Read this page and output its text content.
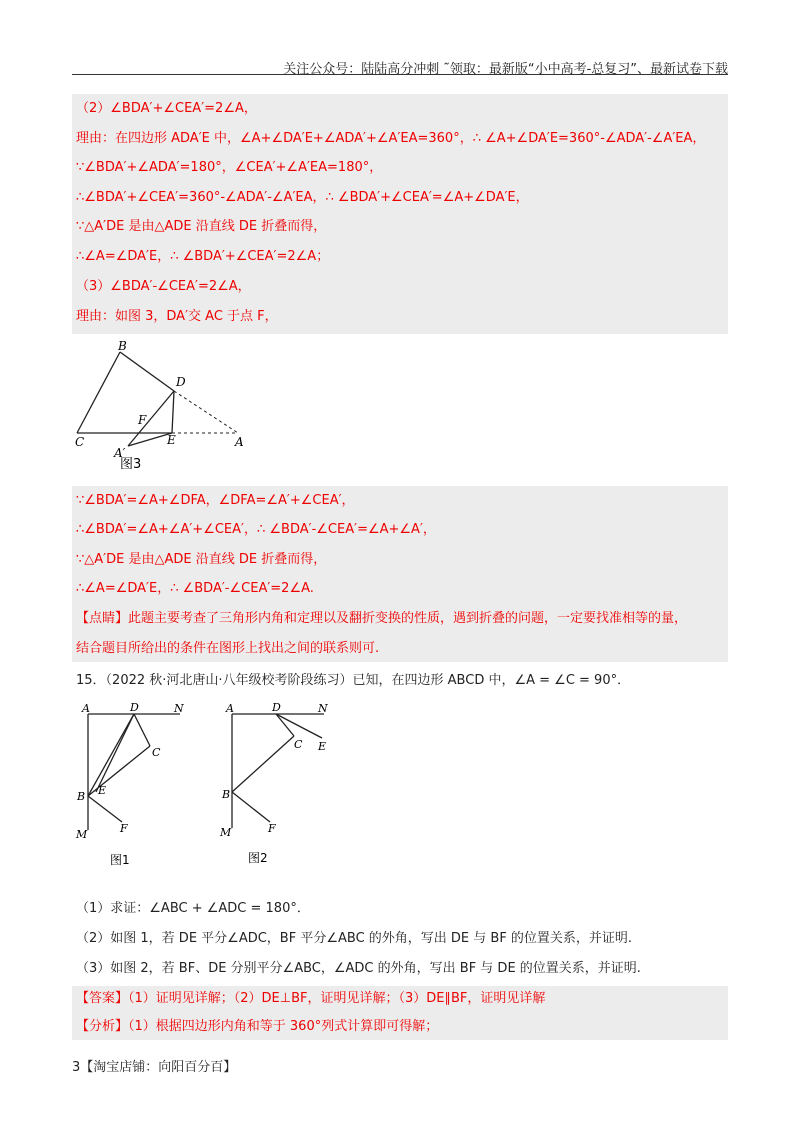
关注公众号：陆陆高分冲刺 ˜领取：最新版“小中高考-总复习”、最新试卷下载
（2）∠BDA′+∠CEA′=2∠A，
理由：在四边形 ADA′E 中，∠A+∠DA′E+∠ADA′+∠A′EA=360°，∴ ∠A+∠DA′E=360°-∠ADA′-∠A′EA，
∵∠BDA′+∠ADA′=180°，∠CEA′+∠A′EA=180°，
∴∠BDA′+∠CEA′=360°-∠ADA′-∠A′EA，∴ ∠BDA′+∠CEA′=∠A+∠DA′E，
∵△A′DE 是由△ADE 沿直线 DE 折叠而得，
∴∠A=∠DA′E，∴ ∠BDA′+∠CEA′=2∠A；
（3）∠BDA′-∠CEA′=2∠A，
理由：如图 3，DA′交 AC 于点 F，
B
D
F
C	E	A
A′
图3
∵∠BDA′=∠A+∠DFA，∠DFA=∠A′+∠CEA′，
∴∠BDA′=∠A+∠A′+∠CEA′，∴ ∠BDA′-∠CEA′=∠A+∠A′，
∵△A′DE 是由△ADE 沿直线 DE 折叠而得，
∴∠A=∠DA′E，∴ ∠BDA′-∠CEA′=2∠A.
【点睛】此题主要考查了三角形内角和定理以及翻折变换的性质，遇到折叠的问题，一定要找准相等的量，
结合题目所给出的条件在图形上找出之间的联系则可.
15．（2022 秋·河北唐山·八年级校考阶段练习）已知，在四边形 ABCD 中，∠A = ∠C = 90°．
A	D	N
C
B E
F
M
图1
A	D	N
C E
B
F
M
图2
（1）求证：∠ABC + ∠ADC = 180°．
（2）如图 1，若 DE 平分∠ADC，BF 平分∠ABC 的外角，写出 DE 与 BF 的位置关系，并证明.
（3）如图 2，若 BF、DE 分别平分∠ABC，∠ADC 的外角，写出 BF 与 DE 的位置关系，并证明.
【答案】（1）证明见详解；（2）DE⊥BF，证明见详解；（3）DE∥BF，证明见详解
【分析】（1）根据四边形内角和等于 360°列式计算即可得解；
3【淘宝店铺：向阳百分百】
